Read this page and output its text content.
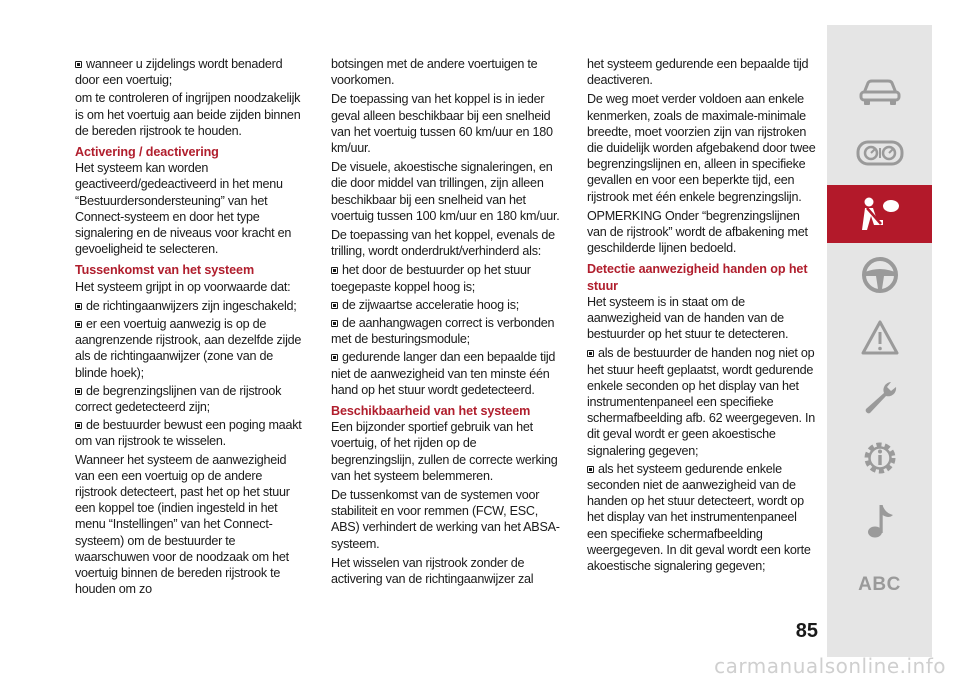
wanneer u zijdelings wordt benaderd door een voertuig;

om te controleren of ingrijpen noodzakelijk is om het voertuig aan beide zijden binnen de bereden rijstrook te houden.

Activering / deactivering

Het systeem kan worden geactiveerd/gedeactiveerd in het menu “Bestuurdersondersteuning” van het Connect-systeem en door het type signalering en de niveaus voor kracht en gevoeligheid te selecteren.

Tussenkomst van het systeem

Het systeem grijpt in op voorwaarde dat:

de richtingaanwijzers zijn ingeschakeld;

er een voertuig aanwezig is op de aangrenzende rijstrook, aan dezelfde zijde als de richtingaanwijzer (zone van de blinde hoek);

de begrenzingslijnen van de rijstrook correct gedetecteerd zijn;

de bestuurder bewust een poging maakt om van rijstrook te wisselen.

Wanneer het systeem de aanwezigheid van een een voertuig op de andere rijstrook detecteert, past het op het stuur een koppel toe (indien ingesteld in het menu “Instellingen” van het Connect-systeem) om de bestuurder te waarschuwen voor de noodzaak om het voertuig binnen de bereden rijstrook te houden om zo

botsingen met de andere voertuigen te voorkomen.

De toepassing van het koppel is in ieder geval alleen beschikbaar bij een snelheid van het voertuig tussen 60 km/uur en 180 km/uur.

De visuele, akoestische signaleringen, en die door middel van trillingen, zijn alleen beschikbaar bij een snelheid van het voertuig tussen 100 km/uur en 180 km/uur.

De toepassing van het koppel, evenals de trilling, wordt onderdrukt/verhinderd als:

het door de bestuurder op het stuur toegepaste koppel hoog is;

de zijwaartse acceleratie hoog is;

de aanhangwagen correct is verbonden met de besturingsmodule;

gedurende langer dan een bepaalde tijd niet de aanwezigheid van ten minste één hand op het stuur wordt gedetecteerd.

Beschikbaarheid van het systeem

Een bijzonder sportief gebruik van het voertuig, of het rijden op de begrenzingslijn, zullen de correcte werking van het systeem belemmeren.

De tussenkomst van de systemen voor stabiliteit en voor remmen (FCW, ESC, ABS) verhindert de werking van het ABSA-systeem.

Het wisselen van rijstrook zonder de activering van de richtingaanwijzer zal

het systeem gedurende een bepaalde tijd deactiveren.

De weg moet verder voldoen aan enkele kenmerken, zoals de maximale-minimale breedte, moet voorzien zijn van rijstroken die duidelijk worden afgebakend door twee begrenzingslijnen en, alleen in specifieke gevallen en voor een beperkte tijd, een rijstrook met één enkele begrenzingslijn.

OPMERKING Onder “begrenzingslijnen van de rijstrook” wordt de afbakening met geschilderde lijnen bedoeld.

Detectie aanwezigheid handen op het stuur

Het systeem is in staat om de aanwezigheid van de handen van de bestuurder op het stuur te detecteren.

als de bestuurder de handen nog niet op het stuur heeft geplaatst, wordt gedurende enkele seconden op het display van het instrumentenpaneel een specifieke schermafbeelding afb. 62 weergegeven. In dit geval wordt er geen akoestische signalering gegeven;

als het systeem gedurende enkele seconden niet de aanwezigheid van de handen op het stuur detecteert, wordt op het display van het instrumentenpaneel een specifieke schermafbeelding weergegeven. In dit geval wordt een korte akoestische signalering gegeven;

ABC
85
carmanualsonline.info
